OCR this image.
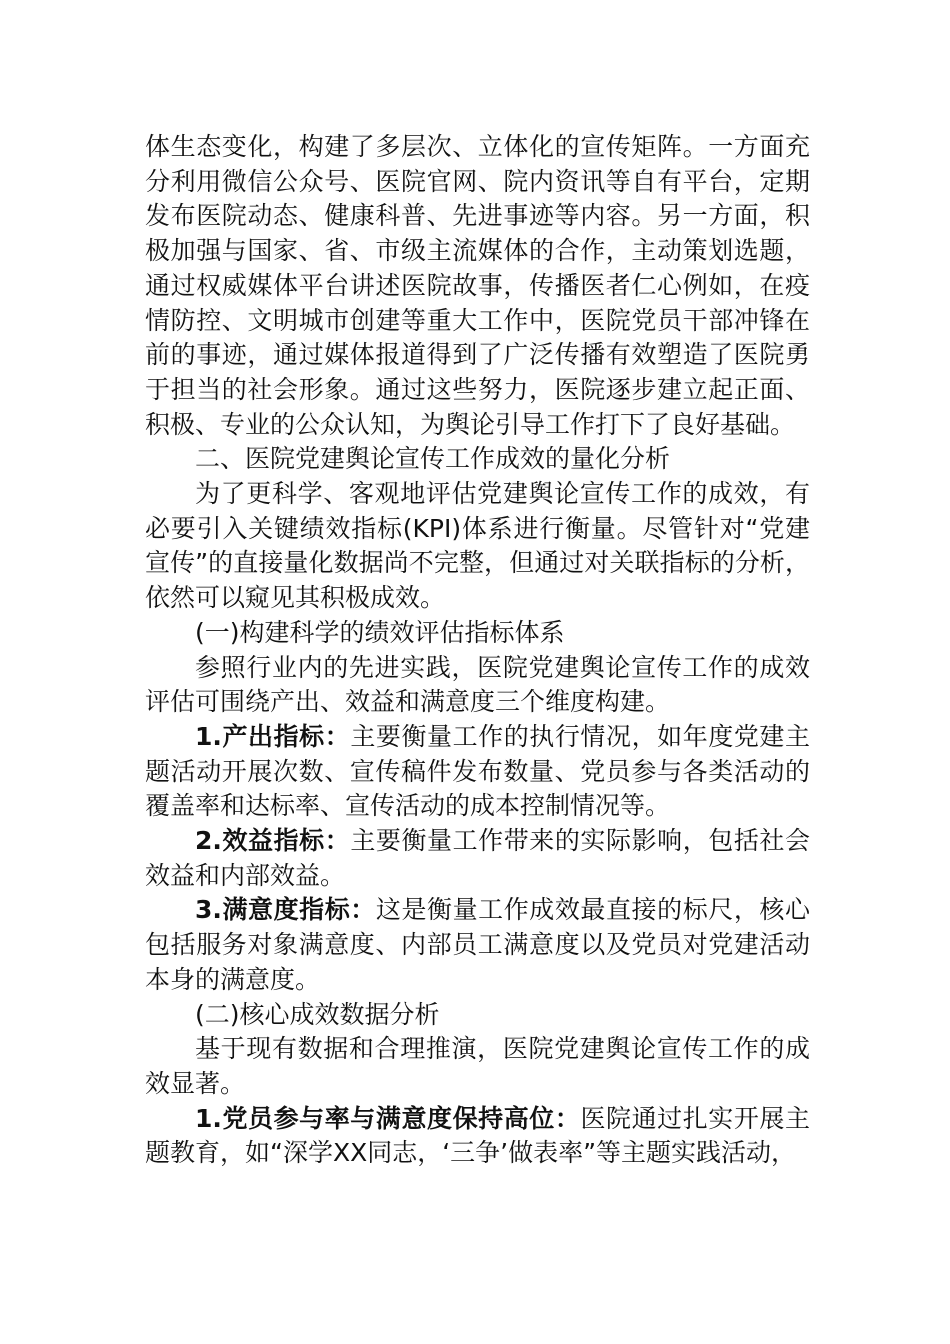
体生态变化，构建了多层次、立体化的宣传矩阵。一方面充分利用微信公众号、医院官网、院内资讯等自有平台，定期发布医院动态、健康科普、先进事迹等内容。另一方面，积极加强与国家、省、市级主流媒体的合作，主动策划选题，通过权威媒体平台讲述医院故事，传播医者仁心例如，在疫情防控、文明城市创建等重大工作中，医院党员干部冲锋在前的事迹，通过媒体报道得到了广泛传播有效塑造了医院勇于担当的社会形象。通过这些努力，医院逐步建立起正面、积极、专业的公众认知，为舆论引导工作打下了良好基础。

二、医院党建舆论宣传工作成效的量化分析

为了更科学、客观地评估党建舆论宣传工作的成效，有必要引入关键绩效指标(KPI)体系进行衡量。尽管针对“党建宣传”的直接量化数据尚不完整，但通过对关联指标的分析，依然可以窥见其积极成效。

(一)构建科学的绩效评估指标体系

参照行业内的先进实践，医院党建舆论宣传工作的成效评估可围绕产出、效益和满意度三个维度构建。

1.产出指标：主要衡量工作的执行情况，如年度党建主题活动开展次数、宣传稿件发布数量、党员参与各类活动的覆盖率和达标率、宣传活动的成本控制情况等。

2.效益指标：主要衡量工作带来的实际影响，包括社会效益和内部效益。

3.满意度指标：这是衡量工作成效最直接的标尺，核心包括服务对象满意度、内部员工满意度以及党员对党建活动本身的满意度。

(二)核心成效数据分析

基于现有数据和合理推演，医院党建舆论宣传工作的成效显著。

1.党员参与率与满意度保持高位：医院通过扎实开展主题教育，如“深学XX同志，‘三争’做表率”等主题实践活动，
